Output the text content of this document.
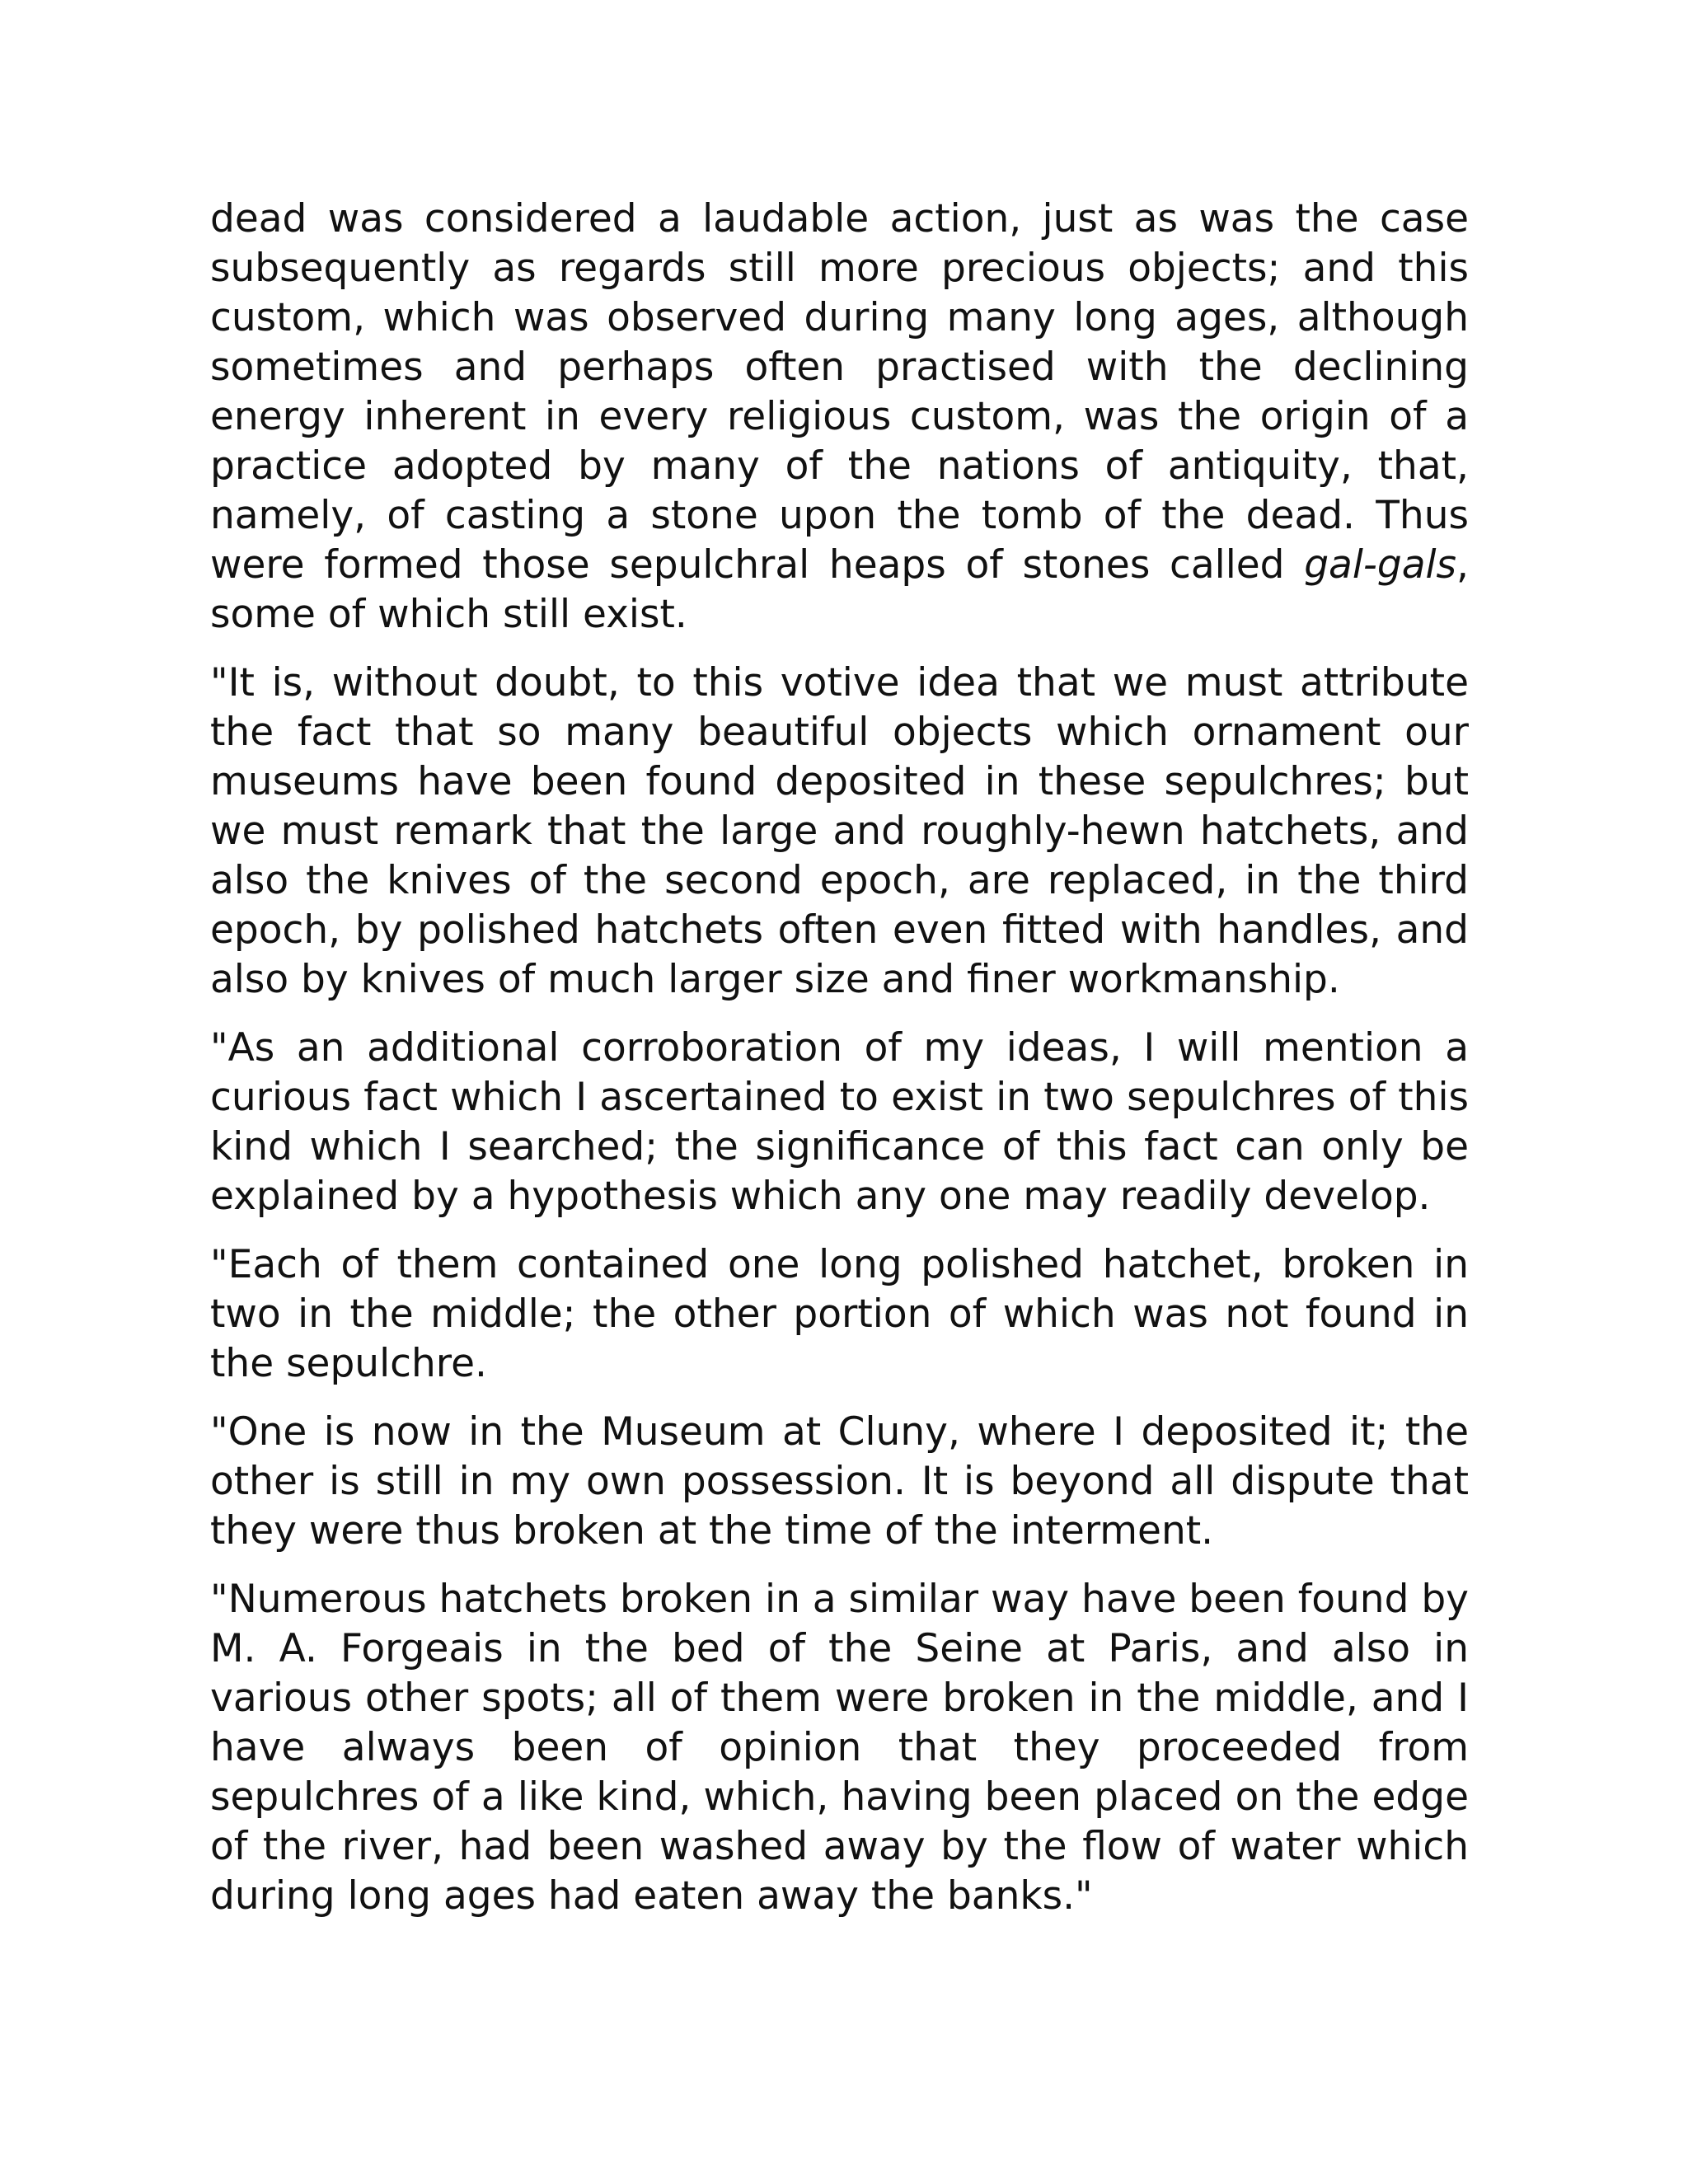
dead was considered a laudable action, just as was the case subsequently as regards still more precious objects; and this custom, which was observed during many long ages, although sometimes and perhaps often practised with the declining energy inherent in every religious custom, was the origin of a practice adopted by many of the nations of antiquity, that, namely, of casting a stone upon the tomb of the dead. Thus were formed those sepulchral heaps of stones called gal-gals, some of which still exist.

"It is, without doubt, to this votive idea that we must attribute the fact that so many beautiful objects which ornament our museums have been found deposited in these sepulchres; but we must remark that the large and roughly-hewn hatchets, and also the knives of the second epoch, are replaced, in the third epoch, by polished hatchets often even fitted with handles, and also by knives of much larger size and finer workmanship.

"As an additional corroboration of my ideas, I will mention a curious fact which I ascertained to exist in two sepulchres of this kind which I searched; the significance of this fact can only be explained by a hypothesis which any one may readily develop.

"Each of them contained one long polished hatchet, broken in two in the middle; the other portion of which was not found in the sepulchre.

"One is now in the Museum at Cluny, where I deposited it; the other is still in my own possession. It is beyond all dispute that they were thus broken at the time of the interment.

"Numerous hatchets broken in a similar way have been found by M. A. Forgeais in the bed of the Seine at Paris, and also in various other spots; all of them were broken in the middle, and I have always been of opinion that they proceeded from sepulchres of a like kind, which, having been placed on the edge of the river, had been washed away by the flow of water which during long ages had eaten away the banks."
